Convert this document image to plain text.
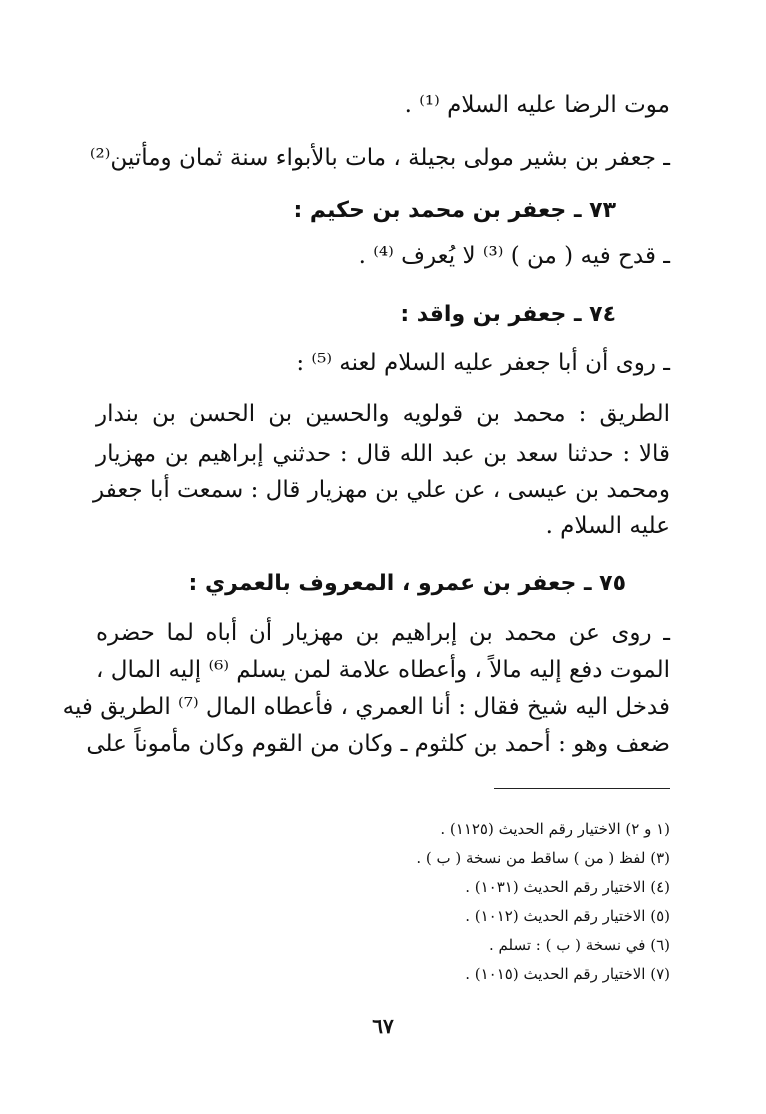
موت الرضا عليه السلام ⁽¹⁾ .
ـ جعفر بن بشير مولى بجيلة ، مات بالأبواء سنة ثمان ومأتين⁽²⁾
٧٣ ـ جعفر بن محمد بن حكيم :
ـ قدح فيه ( من ) ⁽³⁾ لا يُعرف ⁽⁴⁾ .
٧٤ ـ جعفر بن واقد :
ـ روى أن أبا جعفر عليه السلام لعنه ⁽⁵⁾ :
الطريق : محمد بن قولويه والحسين بن الحسن بن بندار
قالا : حدثنا سعد بن عبد الله قال : حدثني إبراهيم بن مهزيار
ومحمد بن عيسى ، عن علي بن مهزيار قال : سمعت أبا جعفر
عليه السلام .
٧٥ ـ جعفر بن عمرو ، المعروف بالعمري :
ـ روى عن محمد بن إبراهيم بن مهزيار أن أباه لما حضره
الموت دفع إليه مالاً ، وأعطاه علامة لمن يسلم ⁽⁶⁾ إليه المال ،
فدخل اليه شيخ فقال : أنا العمري ، فأعطاه المال ⁽⁷⁾ الطريق فيه
ضعف وهو : أحمد بن كلثوم ـ وكان من القوم وكان مأموناً على
(١ و ٢) الاختيار رقم الحديث (١١٢٥) .
(٣) لفظ ( من ) ساقط من نسخة ( ب ) .
(٤) الاختيار رقم الحديث (١٠٣١) .
(٥) الاختيار رقم الحديث (١٠١٢) .
(٦) في نسخة ( ب ) : تسلم .
(٧) الاختيار رقم الحديث (١٠١٥) .
٦٧
